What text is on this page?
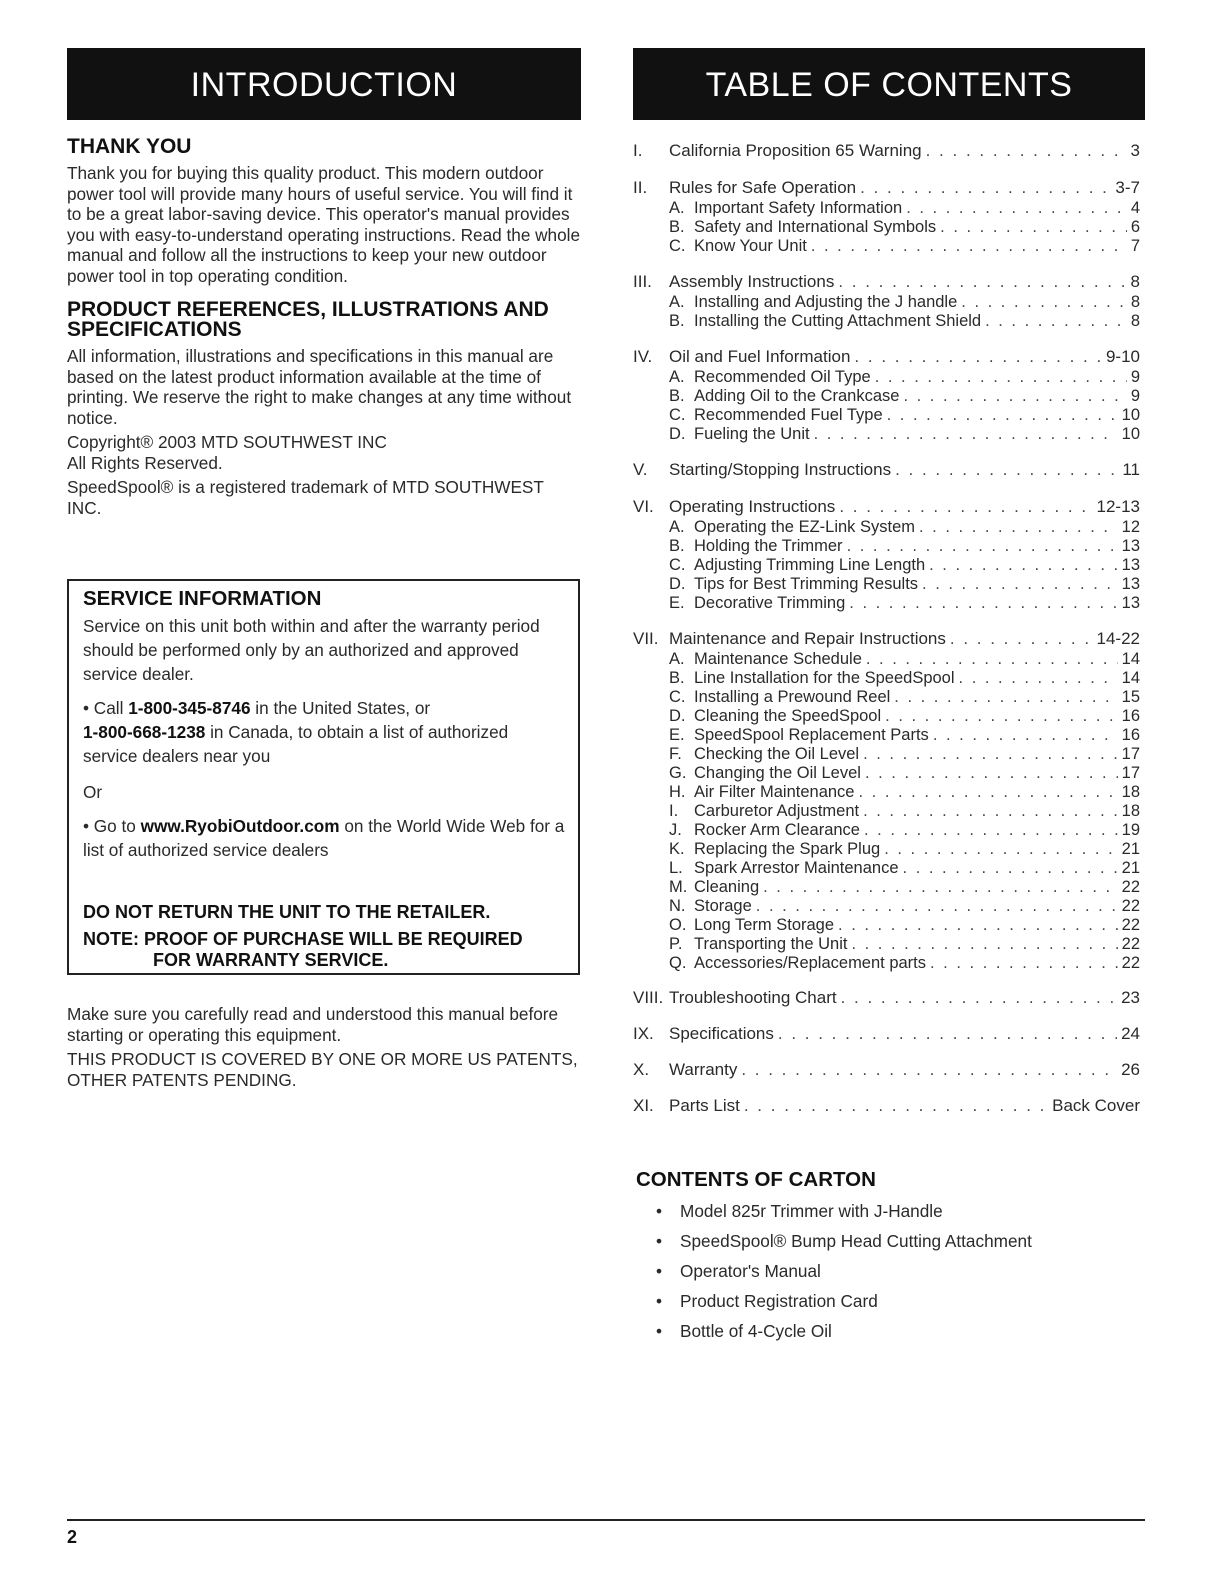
INTRODUCTION
THANK YOU

Thank you for buying this quality product. This modern outdoor power tool will provide many hours of useful service. You will find it to be a great labor-saving device. This operator's manual provides you with easy-to-understand operating instructions. Read the whole manual and follow all the instructions to keep your new outdoor power tool in top operating condition.

PRODUCT REFERENCES, ILLUSTRATIONS AND SPECIFICATIONS

All information, illustrations and specifications in this manual are based on the latest product information available at the time of printing. We reserve the right to make changes at any time without notice.

Copyright® 2003 MTD SOUTHWEST INC

All Rights Reserved.

SpeedSpool® is a registered trademark of MTD SOUTHWEST INC.

SERVICE INFORMATION

Service on this unit both within and after the warranty period should be performed only by an authorized and approved service dealer.

• Call 1-800-345-8746 in the United States, or
1-800-668-1238 in Canada, to obtain a list of authorized service dealers near you

Or

• Go to www.RyobiOutdoor.com on the World Wide Web for a list of authorized service dealers

DO NOT RETURN THE UNIT TO THE RETAILER.
NOTE: PROOF OF PURCHASE WILL BE REQUIRED
FOR WARRANTY SERVICE.

Make sure you carefully read and understood this manual before starting or operating this equipment.

THIS PRODUCT IS COVERED BY ONE OR MORE US PATENTS, OTHER PATENTS PENDING.

TABLE OF CONTENTS
I.	California Proposition 65 Warning . . .	3
II.	Rules for Safe Operation . . .	3-7
A. Important Safety Information . . .	4
B. Safety and International Symbols . . .	6
C. Know Your Unit . . .	7
III.	Assembly Instructions . . .	8
A. Installing and Adjusting the J handle . . .	8
B. Installing the Cutting Attachment Shield . . .	8
IV. Oil and Fuel Information . . .	9-10
A. Recommended Oil Type . . .	9
B. Adding Oil to the Crankcase . . .	9
C. Recommended Fuel Type . . .	10
D. Fueling the Unit . . .	10
V.	Starting/Stopping Instructions . . .	11
VI. Operating Instructions . . .	12-13
A. Operating the EZ-Link System . . .	12
B. Holding the Trimmer . . .	13
C. Adjusting Trimming Line Length . . .	13
D. Tips for Best Trimming Results . . .	13
E. Decorative Trimming . . .	13
VII. Maintenance and Repair Instructions . . .	14-22
A. Maintenance Schedule . . .	14
B. Line Installation for the SpeedSpool . . .	14
C. Installing a Prewound Reel . . .	15
D. Cleaning the SpeedSpool . . .	16
E. SpeedSpool Replacement Parts . . .	16
F. Checking the Oil Level . . .	17
G. Changing the Oil Level . . .	17
H. Air Filter Maintenance . . .	18
I. Carburetor Adjustment . . .	18
J. Rocker Arm Clearance . . .	19
K. Replacing the Spark Plug . . .	21
L. Spark Arrestor Maintenance . . .	21
M. Cleaning . . .	22
N. Storage . . .	22
O. Long Term Storage . . .	22
P. Transporting the Unit . . .	22
Q. Accessories/Replacement parts . . .	22
VIII. Troubleshooting Chart . . .	23
IX. Specifications . . .	24
X.	Warranty . . .	26
XI. Parts List . . .	Back Cover
CONTENTS OF CARTON
• Model 825r Trimmer with J-Handle
• SpeedSpool® Bump Head Cutting Attachment
• Operator's Manual
• Product Registration Card
• Bottle of 4-Cycle Oil
2
